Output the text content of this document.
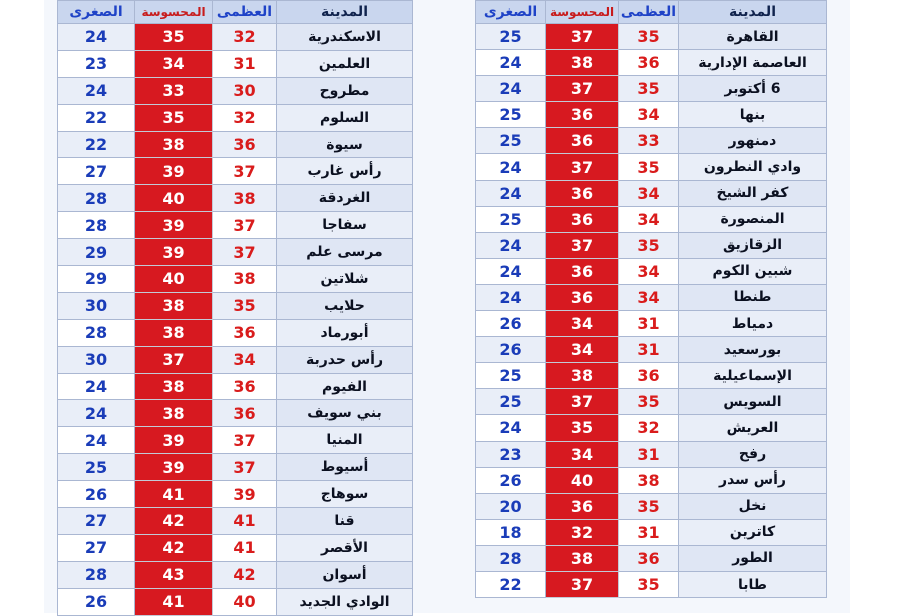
الصغرى	المحسوسة	العظمى	المدينة
24	35	32	الاسكندرية
23	34	31	العلمين
24	33	30	مطروح
22	35	32	السلوم
22	38	36	سيوة
27	39	37	رأس غارب
28	40	38	الغردقة
28	39	37	سفاجا
29	39	37	مرسى علم
29	40	38	شلاتين
30	38	35	حلايب
28	38	36	أبورماد
30	37	34	رأس حدربة
24	38	36	الفيوم
24	38	36	بني سويف
24	39	37	المنيا
25	39	37	أسيوط
26	41	39	سوهاج
27	42	41	قنا
27	42	41	الأقصر
28	43	42	أسوان
26	41	40	الوادي الجديد
الصغرى	المحسوسة	العظمى	المدينة
25	37	35	القاهرة
24	38	36	العاصمة الإدارية
24	37	35	6 أكتوبر
25	36	34	بنها
25	36	33	دمنهور
24	37	35	وادي النطرون
24	36	34	كفر الشيخ
25	36	34	المنصورة
24	37	35	الزقازيق
24	36	34	شبين الكوم
24	36	34	طنطا
26	34	31	دمياط
26	34	31	بورسعيد
25	38	36	الإسماعيلية
25	37	35	السويس
24	35	32	العريش
23	34	31	رفح
26	40	38	رأس سدر
20	36	35	نخل
18	32	31	كاترين
28	38	36	الطور
22	37	35	طابا
